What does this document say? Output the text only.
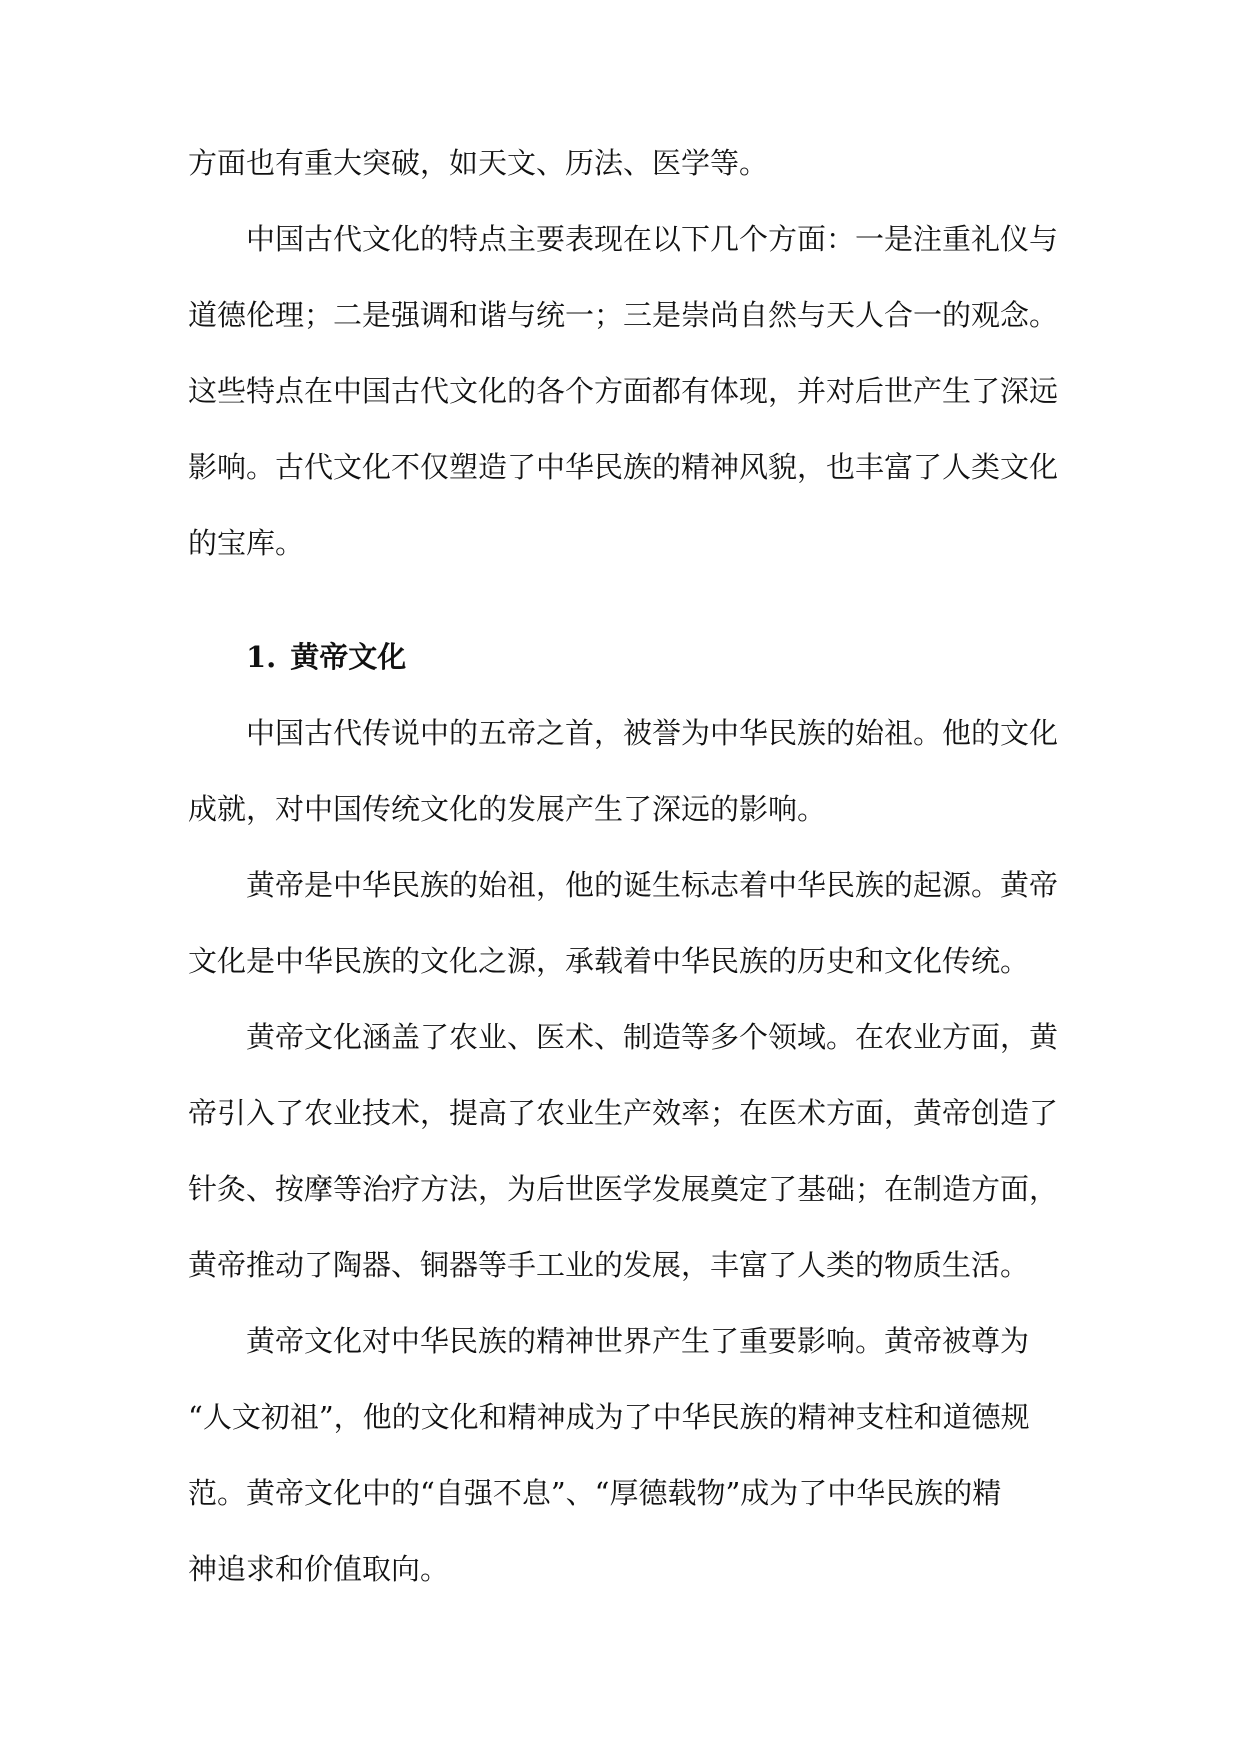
方面也有重大突破，如天文、历法、医学等。

中国古代文化的特点主要表现在以下几个方面：一是注重礼仪与

道德伦理；二是强调和谐与统一；三是崇尚自然与天人合一的观念。

这些特点在中国古代文化的各个方面都有体现，并对后世产生了深远

影响。古代文化不仅塑造了中华民族的精神风貌，也丰富了人类文化

的宝库。

1. 黄帝文化

中国古代传说中的五帝之首，被誉为中华民族的始祖。他的文化

成就，对中国传统文化的发展产生了深远的影响。

黄帝是中华民族的始祖，他的诞生标志着中华民族的起源。黄帝

文化是中华民族的文化之源，承载着中华民族的历史和文化传统。

黄帝文化涵盖了农业、医术、制造等多个领域。在农业方面，黄

帝引入了农业技术，提高了农业生产效率；在医术方面，黄帝创造了

针灸、按摩等治疗方法，为后世医学发展奠定了基础；在制造方面，

黄帝推动了陶器、铜器等手工业的发展，丰富了人类的物质生活。

黄帝文化对中华民族的精神世界产生了重要影响。黄帝被尊为

“人文初祖”，他的文化和精神成为了中华民族的精神支柱和道德规

范。黄帝文化中的“自强不息”、“厚德载物”成为了中华民族的精

神追求和价值取向。
